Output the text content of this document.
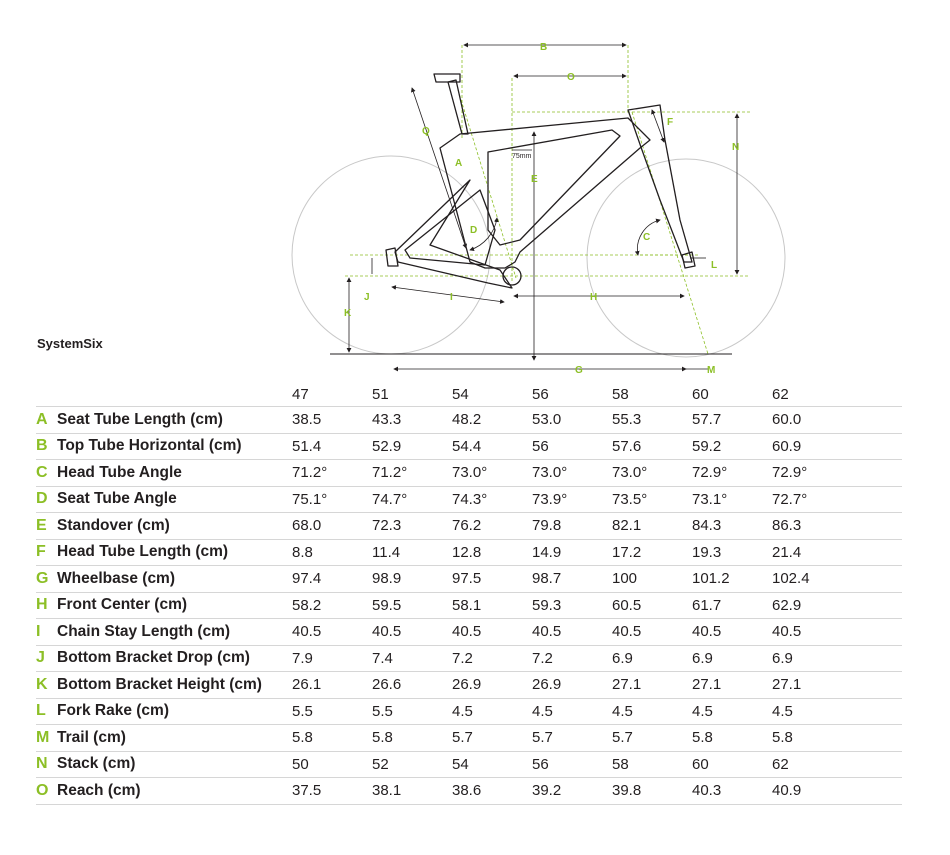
B
O
Q
A
F
N
E
D
C
L
J	I	H
K
G	M
75mm
SystemSix
47	51	54	56	58	60	62
A Seat Tube Length (cm)	38.5	43.3	48.2	53.0	55.3	57.7	60.0
B Top Tube Horizontal (cm)	51.4	52.9	54.4	56	57.6	59.2	60.9
C Head Tube Angle	71.2°	71.2°	73.0°	73.0°	73.0°	72.9°	72.9°
D Seat Tube Angle	75.1°	74.7°	74.3°	73.9°	73.5°	73.1°	72.7°
E Standover (cm)	68.0	72.3	76.2	79.8	82.1	84.3	86.3
F Head Tube Length (cm)	8.8	11.4	12.8	14.9	17.2	19.3	21.4
G Wheelbase (cm)	97.4	98.9	97.5	98.7	100	101.2	102.4
H Front Center (cm)	58.2	59.5	58.1	59.3	60.5	61.7	62.9
I	Chain Stay Length (cm)	40.5	40.5	40.5	40.5	40.5	40.5	40.5
J Bottom Bracket Drop (cm)	7.9	7.4	7.2	7.2	6.9	6.9	6.9
K Bottom Bracket Height (cm)	26.1	26.6	26.9	26.9	27.1	27.1	27.1
L Fork Rake (cm)	5.5	5.5	4.5	4.5	4.5	4.5	4.5
M Trail (cm)	5.8	5.8	5.7	5.7	5.7	5.8	5.8
N Stack (cm)	50	52	54	56	58	60	62
O Reach (cm)	37.5	38.1	38.6	39.2	39.8	40.3	40.9
